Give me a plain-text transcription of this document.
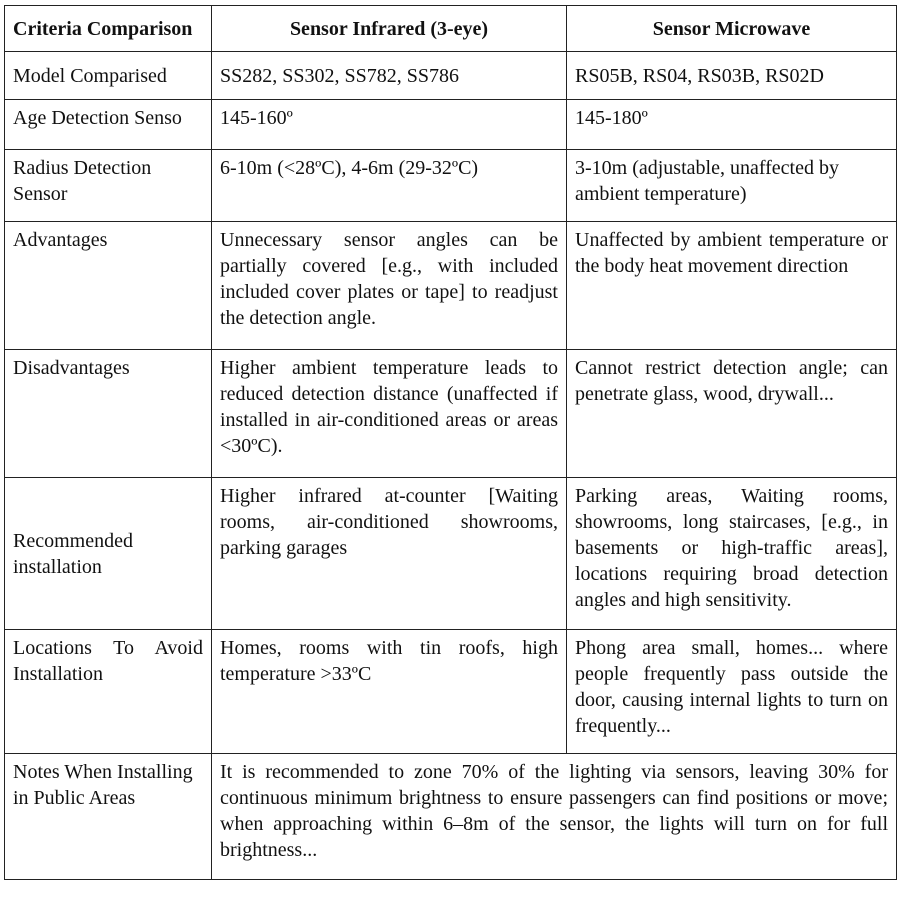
Criteria Comparison	Sensor Infrared (3-eye)	Sensor Microwave
Model Comparised	SS282, SS302, SS782, SS786	RS05B, RS04, RS03B, RS02D
Age Detection Senso	145-160º	145-180º
Radius Detection Sensor	6-10m (<28ºC), 4-6m (29-32ºC)	3-10m (adjustable, unaffected by ambient temperature)
Advantages	Unnecessary sensor angles can be partially covered [e.g., with included included cover plates or tape] to readjust the detection angle.	Unaffected by ambient temperature or the body heat movement direction
Disadvantages	Higher ambient temperature leads to reduced detection distance (unaffected if installed in air-conditioned areas or areas <30ºC).	Cannot restrict detection angle; can penetrate glass, wood, drywall...
Recommended installation	Higher infrared at-counter [Waiting rooms, air-conditioned showrooms, parking garages	Parking areas, Waiting rooms, showrooms, long staircases, [e.g., in basements or high-traffic areas], locations requiring broad detection angles and high sensitivity.
Locations To Avoid Installation	Homes, rooms with tin roofs, high temperature >33ºC	Phong area small, homes... where people frequently pass outside the door, causing internal lights to turn on frequently...
Notes When Installing in Public Areas	It is recommended to zone 70% of the lighting via sensors, leaving 30% for continuous minimum brightness to ensure passengers can find positions or move; when approaching within 6–8m of the sensor, the lights will turn on for full brightness...	
